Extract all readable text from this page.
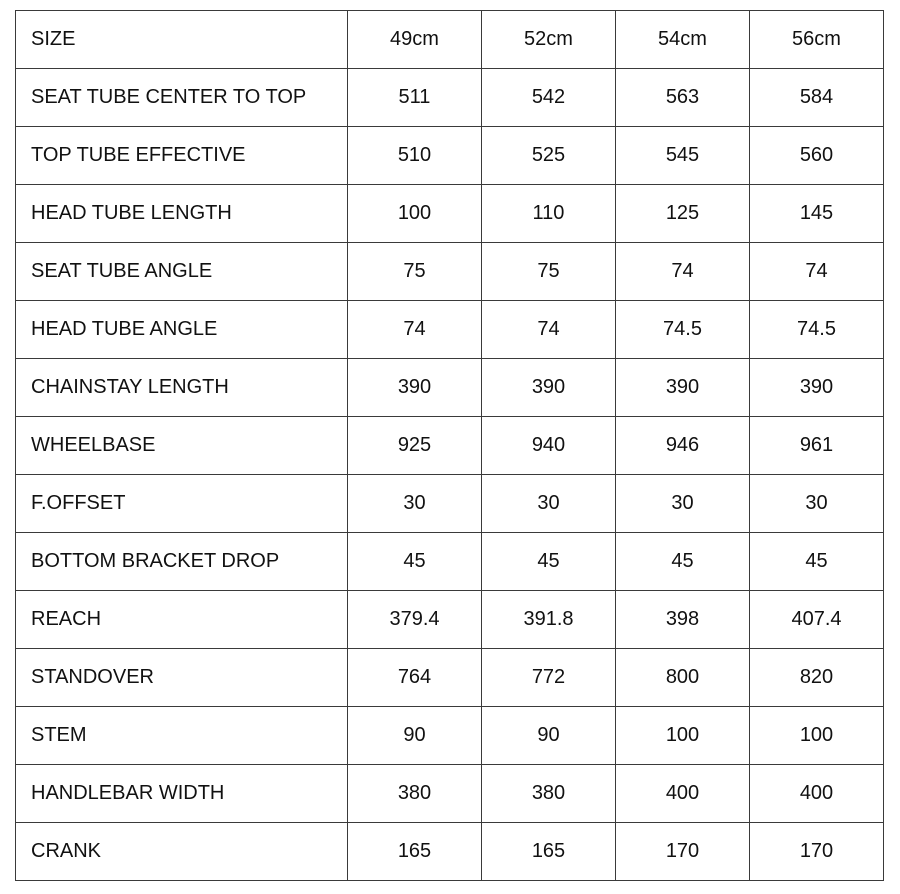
SIZE	49cm	52cm	54cm	56cm
SEAT TUBE CENTER TO TOP	511	542	563	584
TOP TUBE EFFECTIVE	510	525	545	560
HEAD TUBE LENGTH	100	110	125	145
SEAT TUBE ANGLE	75	75	74	74
HEAD TUBE ANGLE	74	74	74.5	74.5
CHAINSTAY LENGTH	390	390	390	390
WHEELBASE	925	940	946	961
F.OFFSET	30	30	30	30
BOTTOM BRACKET DROP	45	45	45	45
REACH	379.4	391.8	398	407.4
STANDOVER	764	772	800	820
STEM	90	90	100	100
HANDLEBAR WIDTH	380	380	400	400
CRANK	165	165	170	170
